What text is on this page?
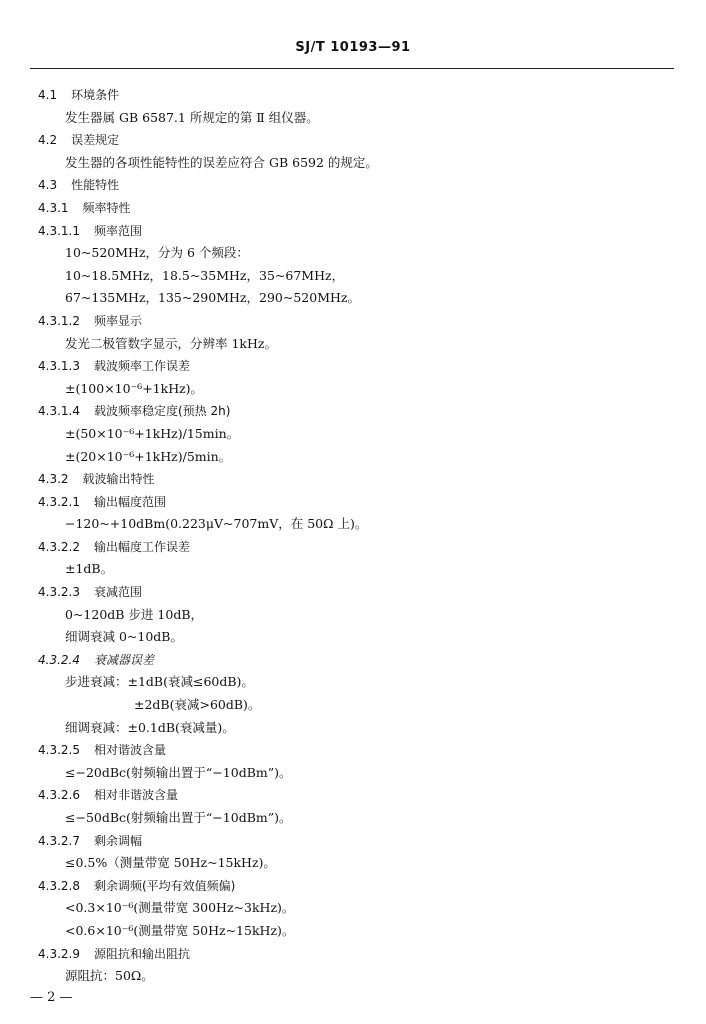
SJ/T 10193—91
4.1 环境条件
发生器属 GB 6587.1 所规定的第 Ⅱ 组仪器。
4.2 误差规定
发生器的各项性能特性的误差应符合 GB 6592 的规定。
4.3 性能特性
4.3.1 频率特性
4.3.1.1 频率范围
10~520MHz，分为 6 个频段：
10~18.5MHz，18.5~35MHz，35~67MHz，
67~135MHz，135~290MHz，290~520MHz。
4.3.1.2 频率显示
发光二极管数字显示，分辨率 1kHz。
4.3.1.3 载波频率工作误差
±(100×10⁻⁶+1kHz)。
4.3.1.4 载波频率稳定度(预热 2h)
±(50×10⁻⁶+1kHz)/15min。
±(20×10⁻⁶+1kHz)/5min。
4.3.2 载波输出特性
4.3.2.1 输出幅度范围
−120~+10dBm(0.223μV~707mV，在 50Ω 上)。
4.3.2.2 输出幅度工作误差
±1dB。
4.3.2.3 衰减范围
0~120dB 步进 10dB，
细调衰减 0~10dB。
4.3.2.4 衰减器误差
步进衰减：±1dB(衰减≤60dB)。
±2dB(衰减>60dB)。
细调衰减：±0.1dB(衰减量)。
4.3.2.5 相对谐波含量
≤−20dBc(射频输出置于“−10dBm”)。
4.3.2.6 相对非谐波含量
≤−50dBc(射频输出置于“−10dBm”)。
4.3.2.7 剩余调幅
≤0.5%（测量带宽 50Hz~15kHz)。
4.3.2.8 剩余调频(平均有效值频偏)
<0.3×10⁻⁶(测量带宽 300Hz~3kHz)。
<0.6×10⁻⁶(测量带宽 50Hz~15kHz)。
4.3.2.9 源阻抗和输出阻抗
源阻抗：50Ω。
— 2 —
